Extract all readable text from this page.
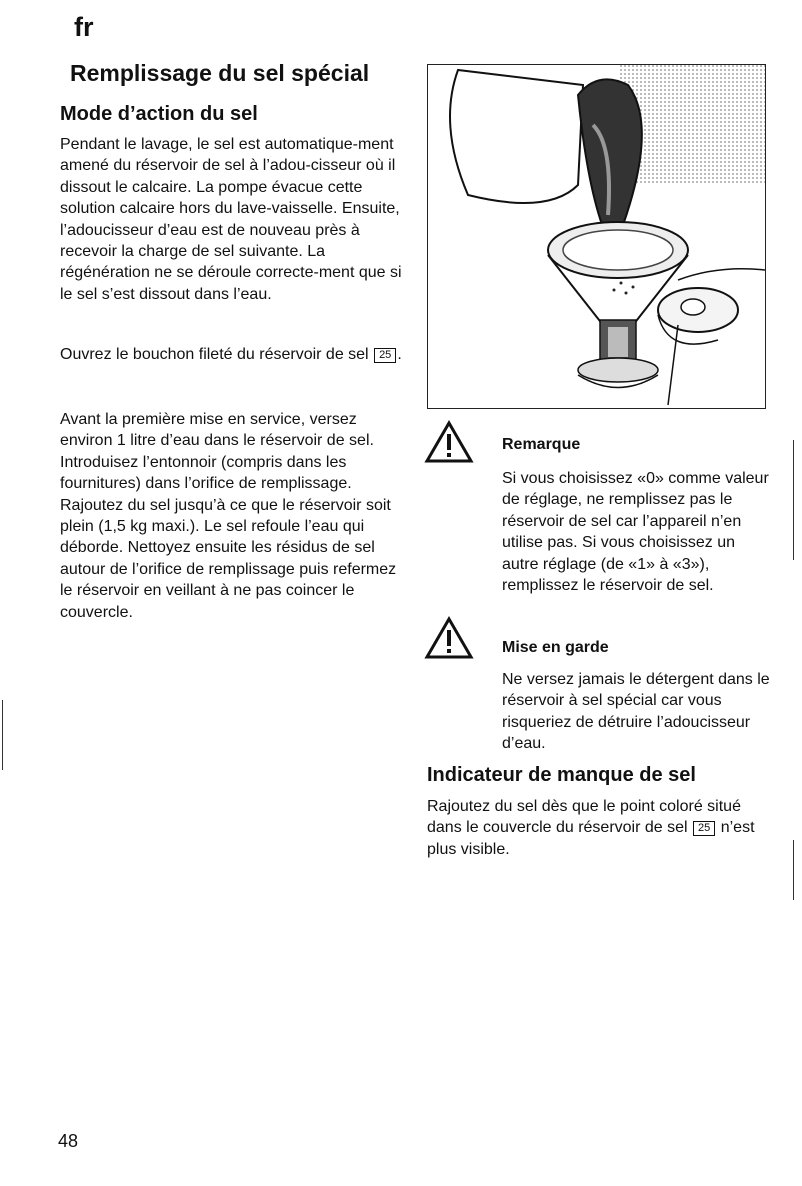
fr
Remplissage du sel spécial
Mode d’action du sel
Pendant le lavage, le sel est automatique-ment amené du réservoir de sel à l’adou-cisseur où il dissout le calcaire. La pompe évacue cette solution calcaire hors du lave-vaisselle. Ensuite, l’adoucisseur d’eau est de nouveau près à recevoir la charge de sel suivante. La régénération ne se déroule correcte-ment que si le sel s’est dissout dans l’eau.
Ouvrez le bouchon fileté du réservoir de sel 25 .
Avant la première mise en service, versez environ 1 litre d’eau dans le réservoir de sel. Introduisez l’entonnoir (compris dans les fournitures) dans l’orifice de remplissage. Rajoutez du sel jusqu’à ce que le réservoir soit plein (1,5 kg maxi.). Le sel refoule l’eau qui déborde. Nettoyez ensuite les résidus de sel autour de l’orifice de remplissage puis refermez le réservoir en veillant à ne pas coincer le couvercle.
Remarque
Si vous choisissez «0» comme valeur de réglage, ne remplissez pas le réservoir de sel car l’appareil n’en utilise pas. Si vous choisissez un autre réglage (de «1» à «3»), remplissez le réservoir de sel.
Mise en garde
Ne versez jamais le détergent dans le réservoir à sel spécial car vous risqueriez de détruire l’adoucisseur d’eau.
Indicateur de manque de sel
Rajoutez du sel dès que le point coloré situé dans le couvercle du réservoir de sel 25 n’est plus visible.
48
